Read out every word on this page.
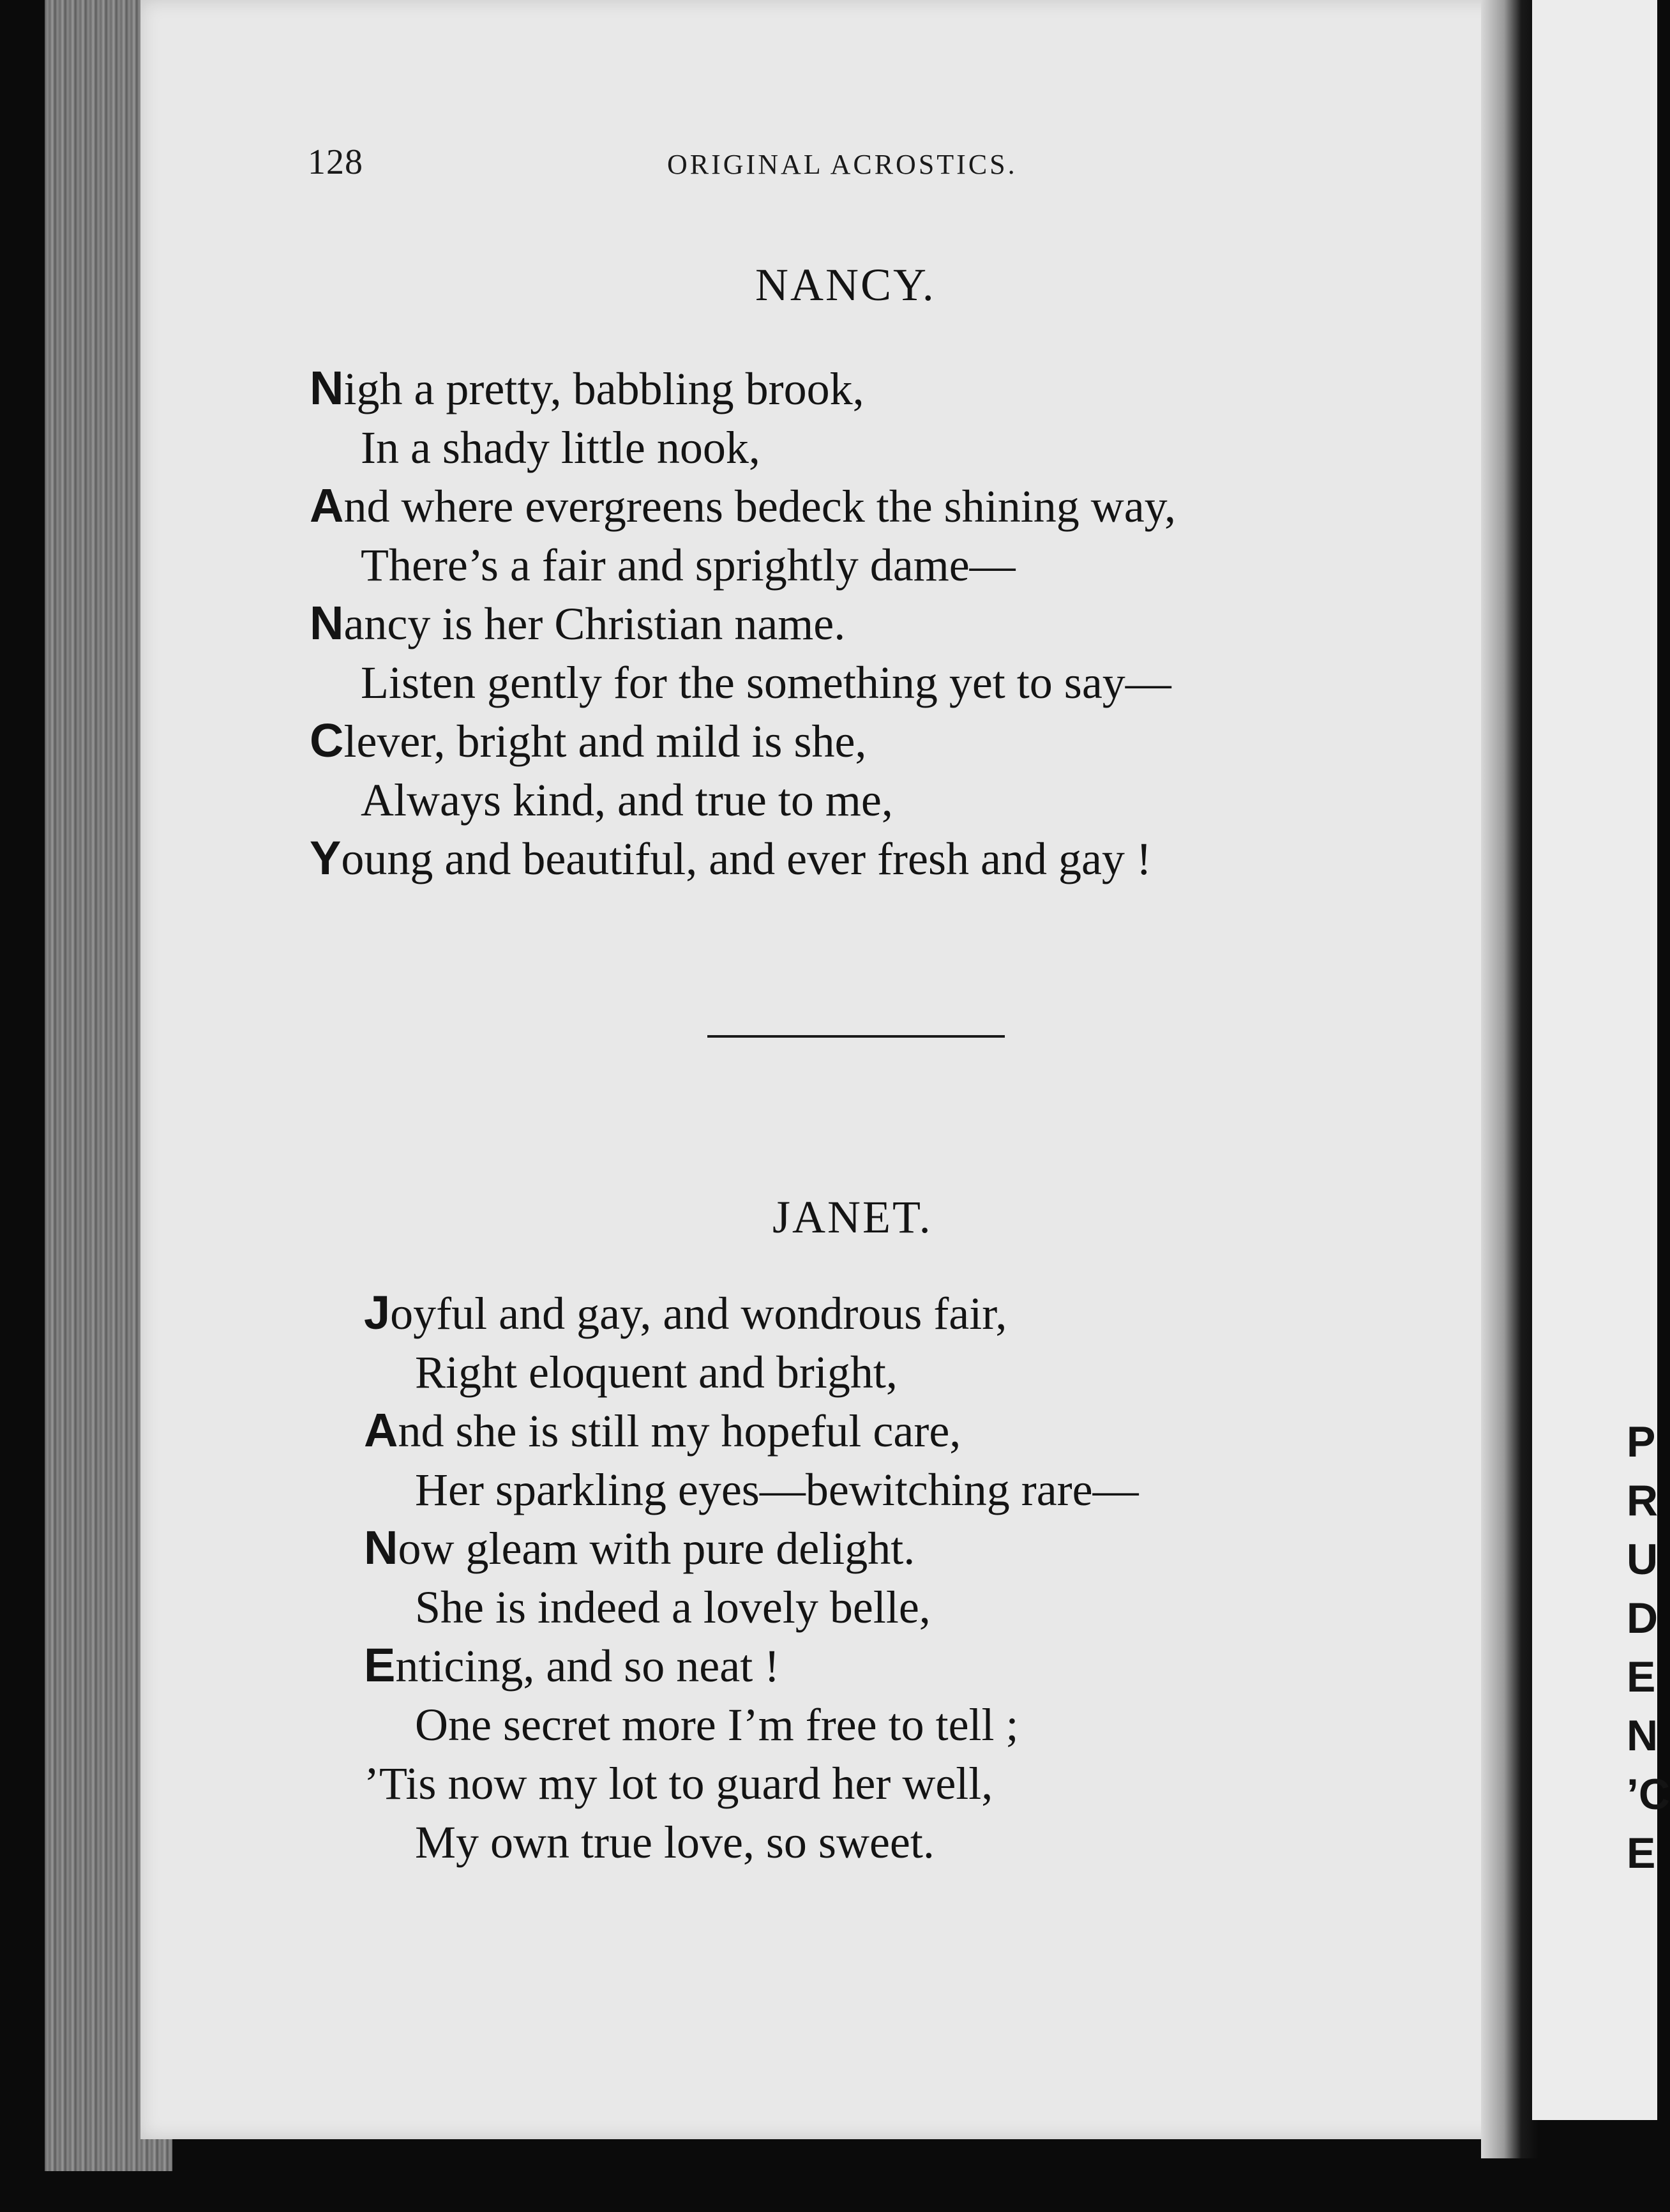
128	ORIGINAL ACROSTICS.
NANCY.
Nigh a pretty, babbling brook,
In a shady little nook,
And where evergreens bedeck the shining way,
There’s a fair and sprightly dame—
Nancy is her Christian name.
Listen gently for the something yet to say—
Clever, bright and mild is she,
Always kind, and true to me,
Young and beautiful, and ever fresh and gay !
JANET.
Joyful and gay, and wondrous fair,
Right eloquent and bright,
And she is still my hopeful care,
Her sparkling eyes—bewitching rare—
Now gleam with pure delight.
She is indeed a lovely belle,
Enticing, and so neat !
One secret more I’m free to tell ;
’Tis now my lot to guard her well,
My own true love, so sweet.
P
R
U
D
E
N
’C
E
